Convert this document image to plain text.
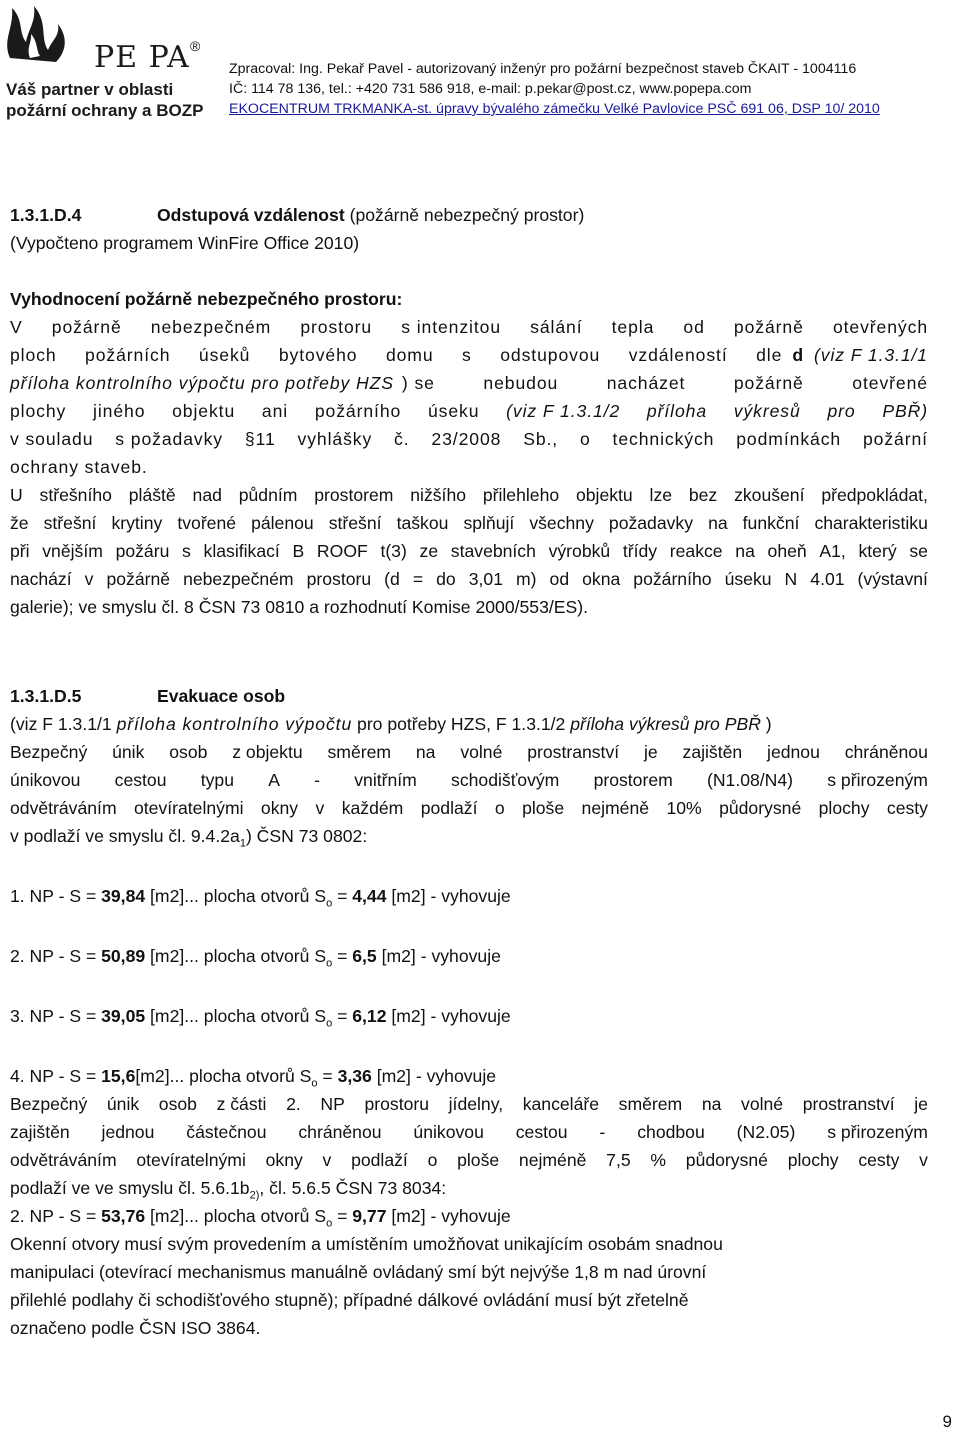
PE PA ®
Váš partner v oblasti
požární ochrany a BOZP
Zpracoval: Ing. Pekař Pavel - autorizovaný inženýr pro požární bezpečnost staveb ČKAIT - 1004116
IČ: 114 78 136, tel.: +420 731 586 918, e-mail: p.pekar@post.cz, www.popepa.com
EKOCENTRUM TRKMANKA-st. úpravy bývalého zámečku Velké Pavlovice PSČ 691 06, DSP 10/ 2010
1.3.1.D.4	Odstupová vzdálenost (požárně nebezpečný prostor)
(Vypočteno programem WinFire Office 2010)
Vyhodnocení požárně nebezpečného prostoru:
V požárně nebezpečném prostoru s intenzitou sálání tepla od požárně otevřených
ploch požárních úseků bytového domu s odstupovou vzdáleností dle d (viz F 1.3.1/1
příloha kontrolního výpočtu pro potřeby HZS ) se	nebudou	nacházet	požárně	otevřené
plochy jiného objektu ani požárního úseku (viz F 1.3.1/2 příloha výkresů pro PBŘ)
v souladu s požadavky §11 vyhlášky č. 23/2008 Sb., o technických podmínkách požární
ochrany staveb.
U střešního pláště nad půdním prostorem nižšího přilehleho objektu lze bez zkoušení předpokládat,
že střešní krytiny tvořené pálenou střešní taškou splňují všechny požadavky na funkční charakteristiku
při vnějším požáru s klasifikací B ROOF t(3) ze stavebních výrobků třídy reakce na oheň A1, který se
nachází v požárně nebezpečném prostoru (d = do 3,01 m) od okna požárního úseku N 4.01 (výstavní
galerie); ve smyslu čl. 8 ČSN 73 0810 a rozhodnutí Komise 2000/553/ES).
1.3.1.D.5	Evakuace osob
(viz F 1.3.1/1 příloha kontrolního výpočtu pro potřeby HZS, F 1.3.1/2 příloha výkresů pro PBŘ )
Bezpečný únik osob z objektu směrem na volné prostranství je zajištěn jednou chráněnou
únikovou cestou typu A - vnitřním schodišťovým prostorem (N1.08/N4) s přirozeným
odvětráváním otevíratelnými okny v každém podlaží o ploše nejméně 10% půdorysné plochy cesty
v podlaží ve smyslu čl. $9.4.2a_1$) ČSN 73 0802:
1. NP - S = 39,84 [m2]... plocha otvorů $S_o = 4,44$ [m2] - vyhovuje
2. NP - S = 50,89 [m2]... plocha otvorů $S_o = 6,5$ [m2] - vyhovuje
3. NP - S = 39,05 [m2]... plocha otvorů $S_o = 6,12$ [m2] - vyhovuje
4. NP - S = 15,6[m2]... plocha otvorů $S_o = 3,36$ [m2] - vyhovuje
Bezpečný únik osob z části 2. NP prostoru jídelny, kanceláře směrem na volné prostranství je
zajištěn jednou částečnou chráněnou únikovou cestou - chodbou (N2.05) s přirozeným
odvětráváním otevíratelnými okny v podlaží o ploše nejméně 7,5 % půdorysné plochy cesty v
podlaží ve ve smyslu čl. $5.6.1b_{2)}$, čl. 5.6.5 ČSN 73 8034:
2. NP - S = 53,76 [m2]... plocha otvorů $S_o = 9,77$ [m2] - vyhovuje
Okenní otvory musí svým provedením a umístěním umožňovat unikajícím osobám snadnou
manipulaci (otevírací mechanismus manuálně ovládaný smí být nejvýše 1,8 m nad úrovní
přilehlé podlahy či schodišťového stupně); případné dálkové ovládání musí být zřetelně
označeno podle ČSN ISO 3864.
9
